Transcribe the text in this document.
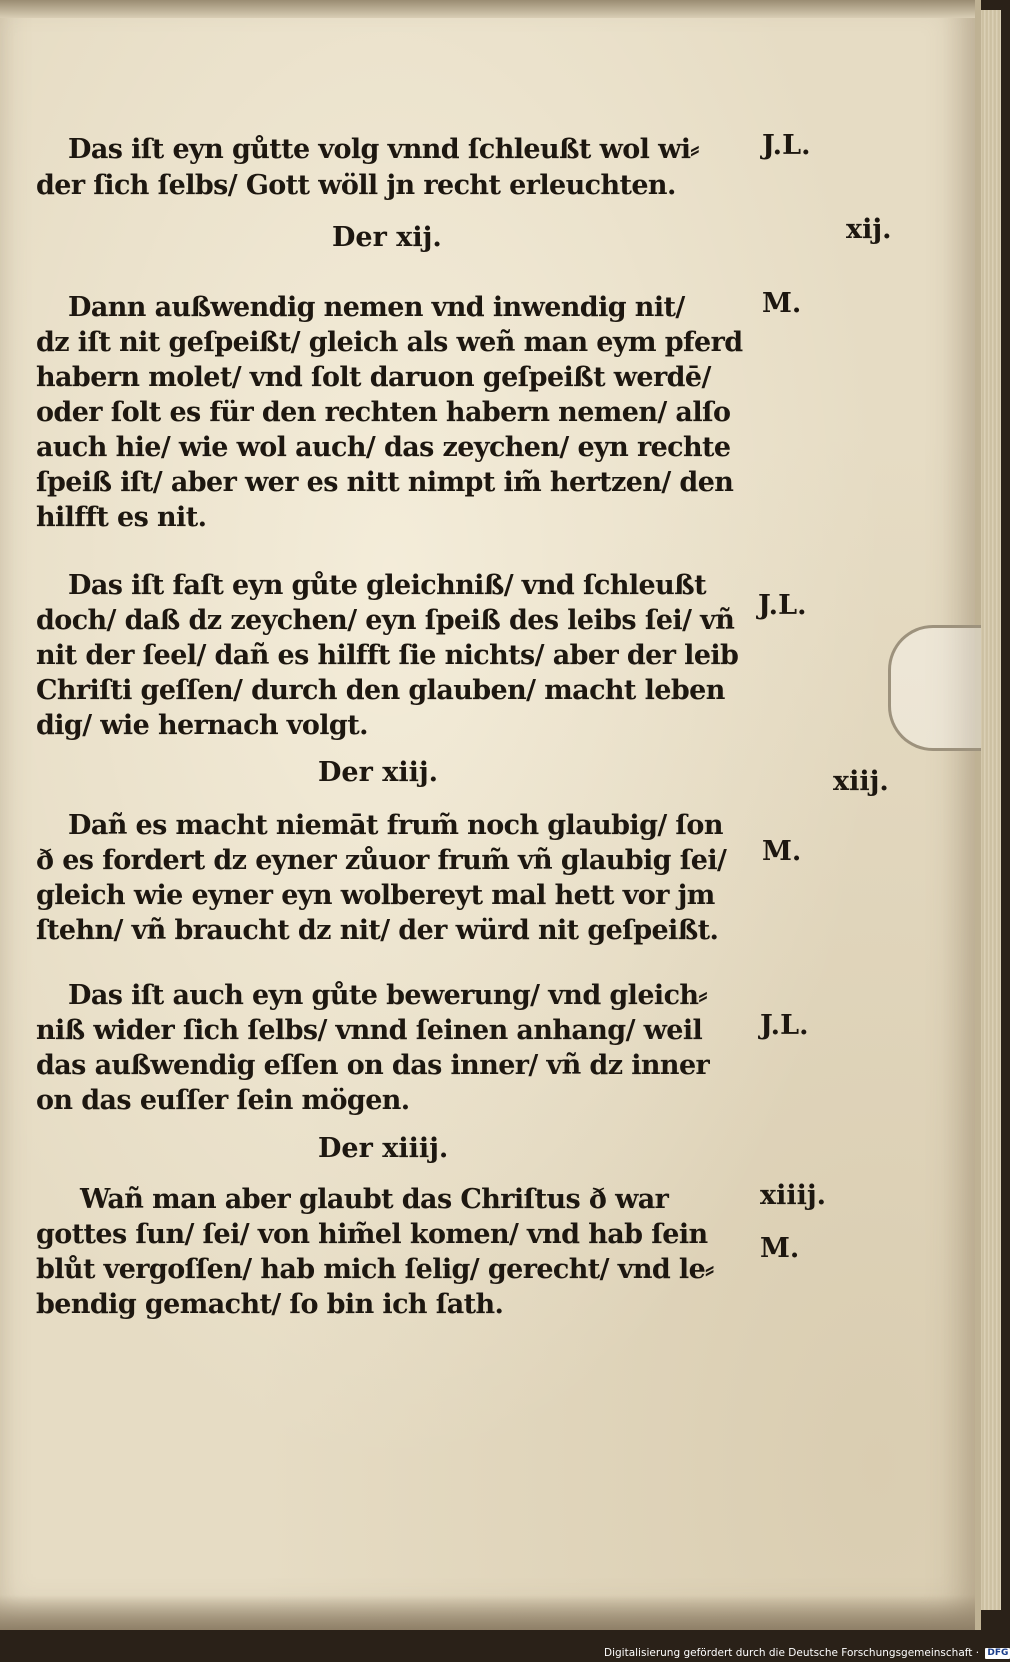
Das iſt eyn gůtte volg vnnd ſchleußt wol wi⸗
der ſich ſelbs/ Gott wöll jn recht erleuchten.
Der xij.
Dann außwendig nemen vnd inwendig nit/
dz iſt nit geſpeißt/ gleich als weñ man eym pferd
habern molet/ vnd ſolt daruon geſpeißt werdē/
oder ſolt es für den rechten habern nemen/ alſo
auch hie/ wie wol auch/ das zeychen/ eyn rechte
ſpeiß iſt/ aber wer es nitt nimpt im̃ hertzen/ den
hilfft es nit.
Das iſt faſt eyn gůte gleichniß/ vnd ſchleußt
doch/ daß dz zeychen/ eyn ſpeiß des leibs ſei/ vñ
nit der ſeel/ dañ es hilfft ſie nichts/ aber der leib
Chriſti geſſen/ durch den glauben/ macht leben
dig/ wie hernach volgt.
Der xiij.
Dañ es macht niemāt frum̃ noch glaubig/ ſon
ð es fordert dz eyner zůuor frum̃ vñ glaubig ſei/
gleich wie eyner eyn wolbereyt mal hett vor jm
ſtehn/ vñ braucht dz nit/ der würd nit geſpeißt.
Das iſt auch eyn gůte bewerung/ vnd gleich⸗
niß wider ſich ſelbs/ vnnd ſeinen anhang/ weil
das außwendig eſſen on das inner/ vñ dz inner
on das euſſer ſein mögen.
Der xiiij.
Wañ man aber glaubt das Chriſtus ð war
gottes ſun/ ſei/ von him̃el komen/ vnd hab ſein
blůt vergoſſen/ hab mich ſelig/ gerecht/ vnd le⸗
bendig gemacht/ ſo bin ich ſath.
J.L.
xij.
M.
J.L.
xiij.
M.
J.L.
xiiij.
M.
Digitalisierung gefördert durch die Deutsche Forschungsgemeinschaft · DFG
